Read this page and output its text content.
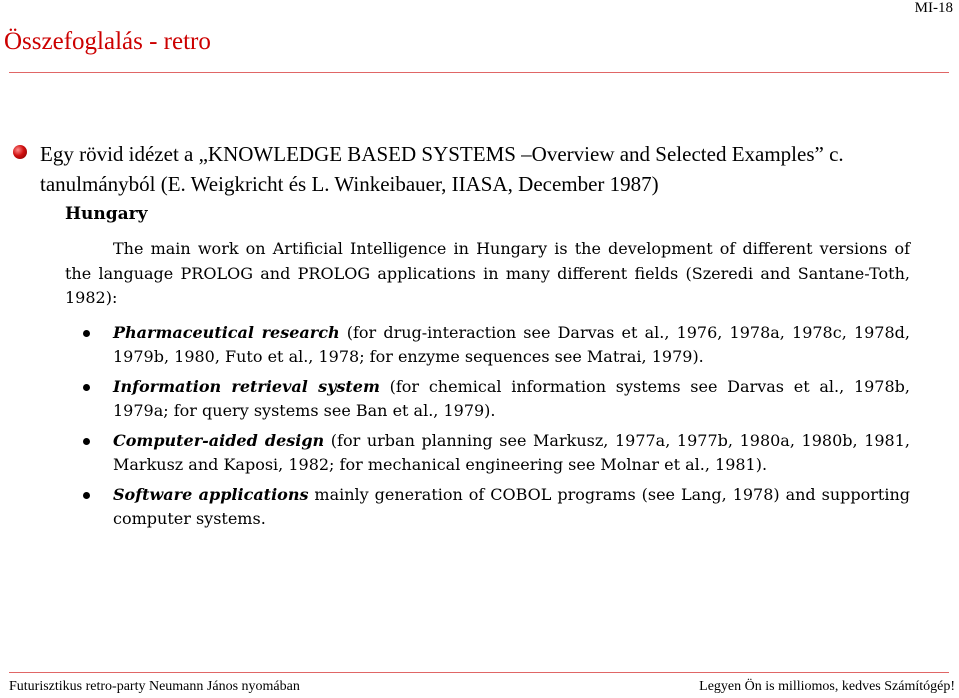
MI-18
Összefoglalás - retro
Egy rövid idézet a „KNOWLEDGE BASED SYSTEMS –Overview and Selected Examples” c. tanulmányból (E. Weigkricht és L. Winkeibauer, IIASA, December 1987)
Hungary

The main work on Artificial Intelligence in Hungary is the development of different versions of the language PROLOG and PROLOG applications in many different fields (Szeredi and Santane-Toth, 1982):

Pharmaceutical research (for drug-interaction see Darvas et al., 1976, 1978a, 1978c, 1978d, 1979b, 1980, Futo et al., 1978; for enzyme sequences see Matrai, 1979).
Information retrieval system (for chemical information systems see Darvas et al., 1978b, 1979a; for query systems see Ban et al., 1979).
Computer-aided design (for urban planning see Markusz, 1977a, 1977b, 1980a, 1980b, 1981, Markusz and Kaposi, 1982; for mechanical engineering see Molnar et al., 1981).
Software applications mainly generation of COBOL programs (see Lang, 1978) and supporting computer systems.
Futurisztikus retro-party Neumann János nyomában	Legyen Ön is milliomos, kedves Számítógép!
